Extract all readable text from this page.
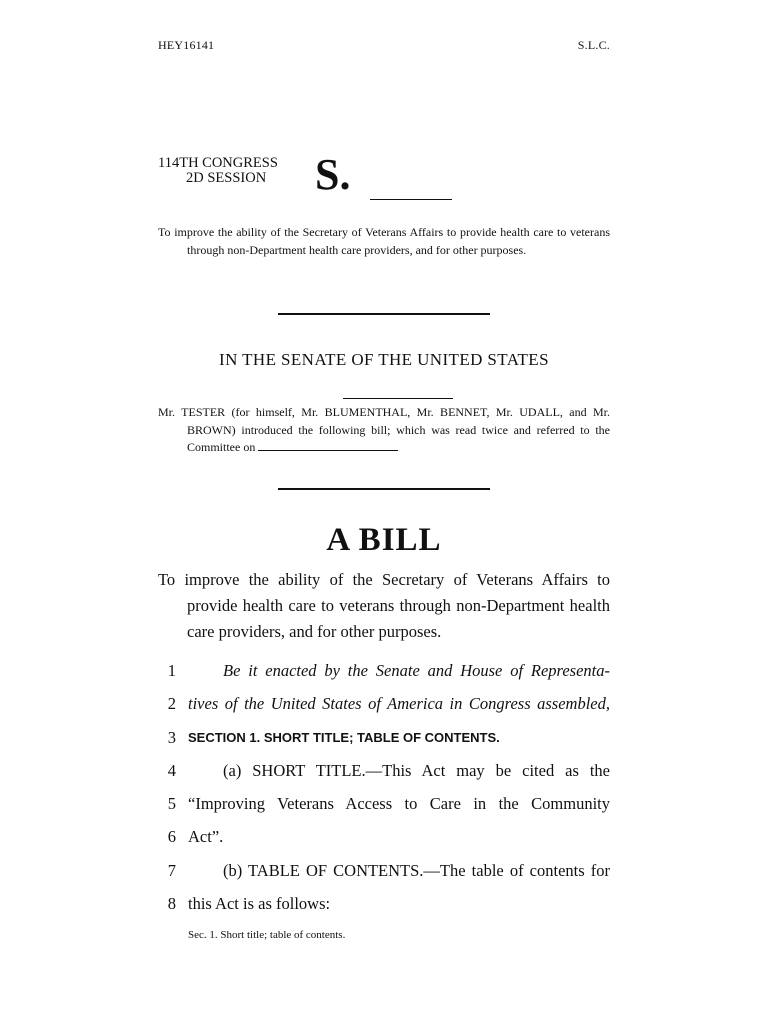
HEY16141	S.L.C.
114TH CONGRESS
2D SESSION S.
To improve the ability of the Secretary of Veterans Affairs to provide health care to veterans through non-Department health care providers, and for other purposes.
IN THE SENATE OF THE UNITED STATES
Mr. TESTER (for himself, Mr. BLUMENTHAL, Mr. BENNET, Mr. UDALL, and Mr. BROWN) introduced the following bill; which was read twice and referred to the Committee on
A BILL
To improve the ability of the Secretary of Veterans Affairs to provide health care to veterans through non-Department health care providers, and for other purposes.
1	Be it enacted by the Senate and House of Representa-
2 tives of the United States of America in Congress assembled,
3 SECTION 1. SHORT TITLE; TABLE OF CONTENTS.
4	(a) SHORT TITLE.—This Act may be cited as the
5 “Improving Veterans Access to Care in the Community
6 Act”.
7	(b) TABLE OF CONTENTS.—The table of contents for
8 this Act is as follows:
Sec. 1. Short title; table of contents.
